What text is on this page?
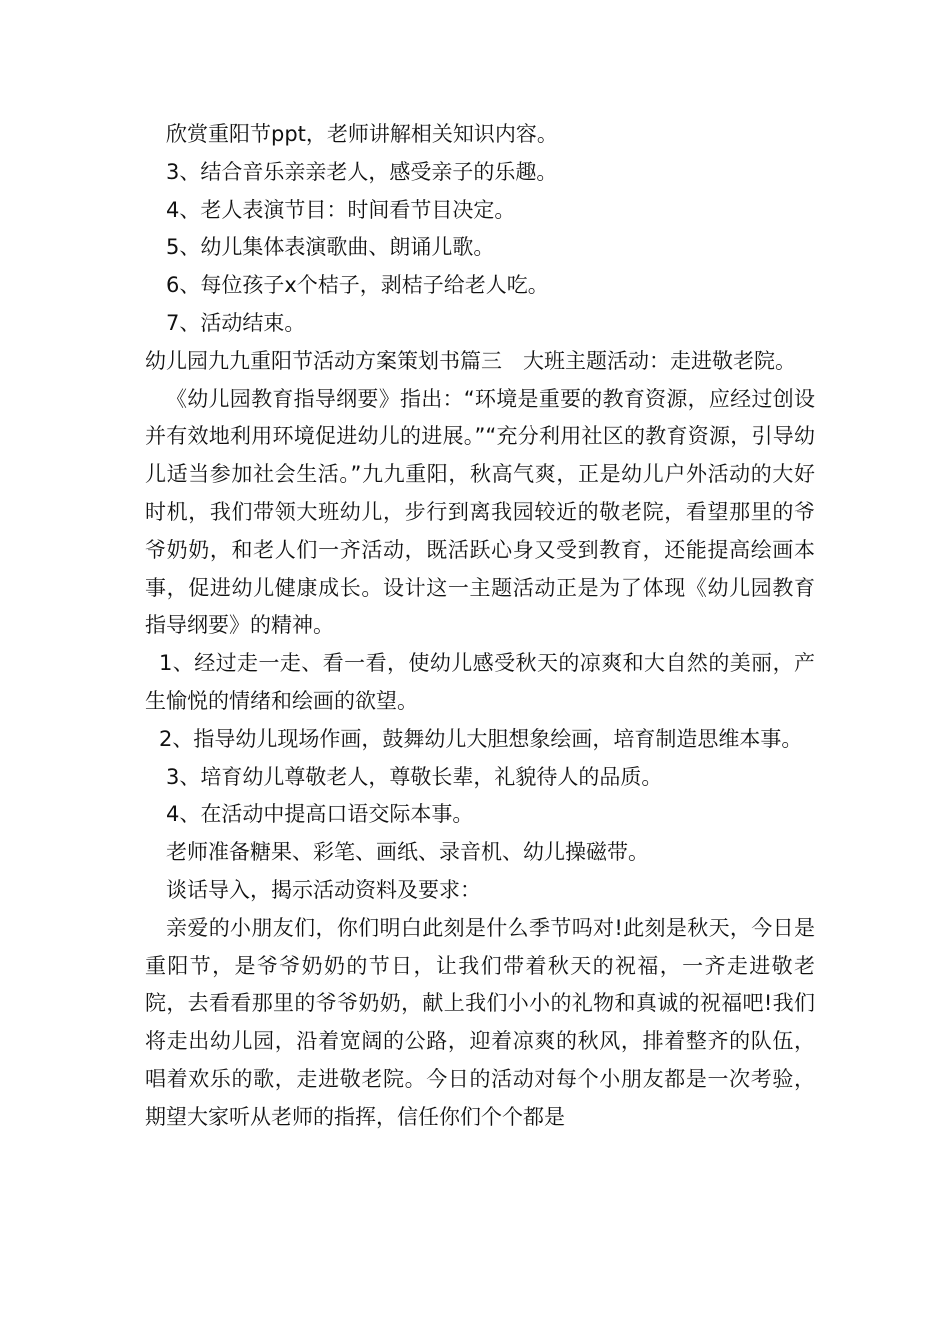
欣赏重阳节ppt，老师讲解相关知识内容。

3、结合音乐亲亲老人，感受亲子的乐趣。

4、老人表演节目：时间看节目决定。

5、幼儿集体表演歌曲、朗诵儿歌。

6、每位孩子x个桔子，剥桔子给老人吃。

7、活动结束。

幼儿园九九重阳节活动方案策划书篇三　大班主题活动：走进敬老院。

《幼儿园教育指导纲要》指出：“环境是重要的教育资源，应经过创设并有效地利用环境促进幼儿的进展。”“充分利用社区的教育资源，引导幼儿适当参加社会生活。”九九重阳，秋高气爽，正是幼儿户外活动的大好时机，我们带领大班幼儿，步行到离我园较近的敬老院，看望那里的爷爷奶奶，和老人们一齐活动，既活跃心身又受到教育，还能提高绘画本事，促进幼儿健康成长。设计这一主题活动正是为了体现《幼儿园教育指导纲要》的精神。

1、经过走一走、看一看，使幼儿感受秋天的凉爽和大自然的美丽，产生愉悦的情绪和绘画的欲望。

2、指导幼儿现场作画，鼓舞幼儿大胆想象绘画，培育制造思维本事。

3、培育幼儿尊敬老人，尊敬长辈，礼貌待人的品质。

4、在活动中提高口语交际本事。

老师准备糖果、彩笔、画纸、录音机、幼儿操磁带。

谈话导入，揭示活动资料及要求：

亲爱的小朋友们，你们明白此刻是什么季节吗对!此刻是秋天，今日是重阳节，是爷爷奶奶的节日，让我们带着秋天的祝福，一齐走进敬老院，去看看那里的爷爷奶奶，献上我们小小的礼物和真诚的祝福吧!我们将走出幼儿园，沿着宽阔的公路，迎着凉爽的秋风，排着整齐的队伍，唱着欢乐的歌，走进敬老院。今日的活动对每个小朋友都是一次考验，期望大家听从老师的指挥，信任你们个个都是
